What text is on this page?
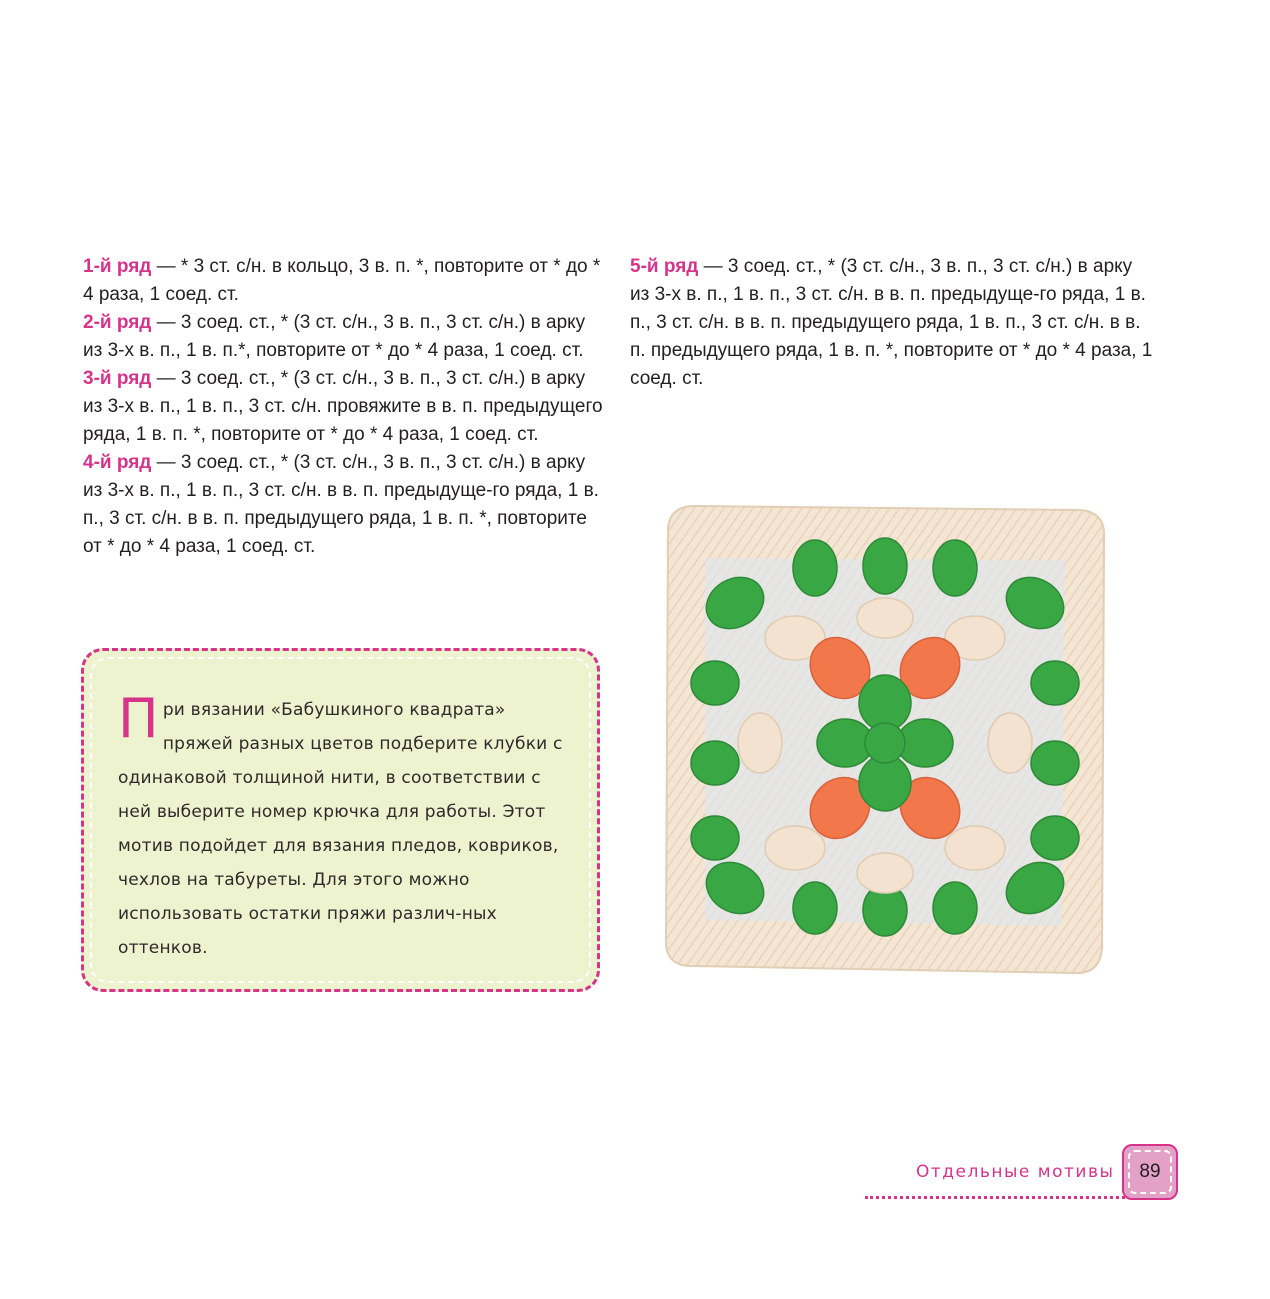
1-й ряд — * 3 ст. с/н. в кольцо, 3 в. п. *, повторите от * до * 4 раза, 1 соед. ст.

2-й ряд — 3 соед. ст., * (3 ст. с/н., 3 в. п., 3 ст. с/н.) в арку из 3-х в. п., 1 в. п.*, повторите от * до * 4 раза, 1 соед. ст.

3-й ряд — 3 соед. ст., * (3 ст. с/н., 3 в. п., 3 ст. с/н.) в арку из 3-х в. п., 1 в. п., 3 ст. с/н. провяжите в в. п. предыдущего ряда, 1 в. п. *, повторите от * до * 4 раза, 1 соед. ст.

4-й ряд — 3 соед. ст., * (3 ст. с/н., 3 в. п., 3 ст. с/н.) в арку из 3-х в. п., 1 в. п., 3 ст. с/н. в в. п. предыдуще-го ряда, 1 в. п., 3 ст. с/н. в в. п. предыдущего ряда, 1 в. п. *, повторите от * до * 4 раза, 1 соед. ст.

5-й ряд — 3 соед. ст., * (3 ст. с/н., 3 в. п., 3 ст. с/н.) в арку из 3-х в. п., 1 в. п., 3 ст. с/н. в в. п. предыдуще-го ряда, 1 в. п., 3 ст. с/н. в в. п. предыдущего ряда, 1 в. п., 3 ст. с/н. в в. п. предыдущего ряда, 1 в. п. *, повторите от * до * 4 раза, 1 соед. ст.

При вязании «Бабушкиного квадрата» пряжей разных цветов подберите клубки с одинаковой толщиной нити, в соответствии с ней выберите номер крючка для работы. Этот мотив подойдет для вязания пледов, ковриков, чехлов на табуреты. Для этого можно использовать остатки пряжи различ-ных оттенков.
Отдельные мотивы	89
